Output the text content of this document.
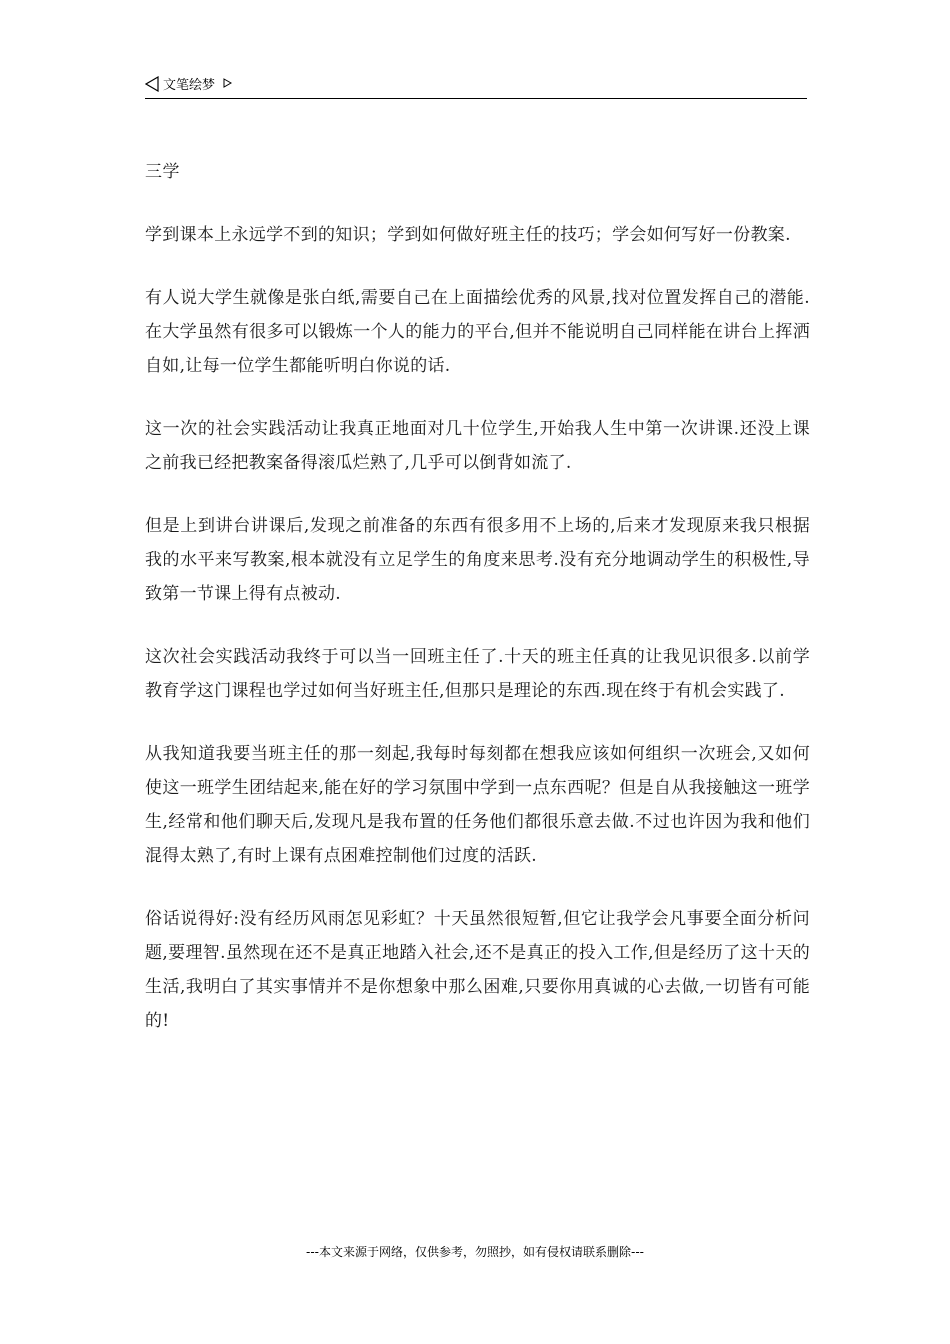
文笔绘梦
三学

学到课本上永远学不到的知识；学到如何做好班主任的技巧；学会如何写好一份教案.

有人说大学生就像是张白纸,需要自己在上面描绘优秀的风景,找对位置发挥自己的潜能.在大学虽然有很多可以锻炼一个人的能力的平台,但并不能说明自己同样能在讲台上挥洒自如,让每一位学生都能听明白你说的话.

这一次的社会实践活动让我真正地面对几十位学生,开始我人生中第一次讲课.还没上课之前我已经把教案备得滚瓜烂熟了,几乎可以倒背如流了.

但是上到讲台讲课后,发现之前准备的东西有很多用不上场的,后来才发现原来我只根据我的水平来写教案,根本就没有立足学生的角度来思考.没有充分地调动学生的积极性,导致第一节课上得有点被动.

这次社会实践活动我终于可以当一回班主任了.十天的班主任真的让我见识很多.以前学教育学这门课程也学过如何当好班主任,但那只是理论的东西.现在终于有机会实践了.

从我知道我要当班主任的那一刻起,我每时每刻都在想我应该如何组织一次班会,又如何使这一班学生团结起来,能在好的学习氛围中学到一点东西呢？但是自从我接触这一班学生,经常和他们聊天后,发现凡是我布置的任务他们都很乐意去做.不过也许因为我和他们混得太熟了,有时上课有点困难控制他们过度的活跃.

俗话说得好:没有经历风雨怎见彩虹？十天虽然很短暂,但它让我学会凡事要全面分析问题,要理智.虽然现在还不是真正地踏入社会,还不是真正的投入工作,但是经历了这十天的生活,我明白了其实事情并不是你想象中那么困难,只要你用真诚的心去做,一切皆有可能的!

---本文来源于网络，仅供参考，勿照抄，如有侵权请联系删除---
